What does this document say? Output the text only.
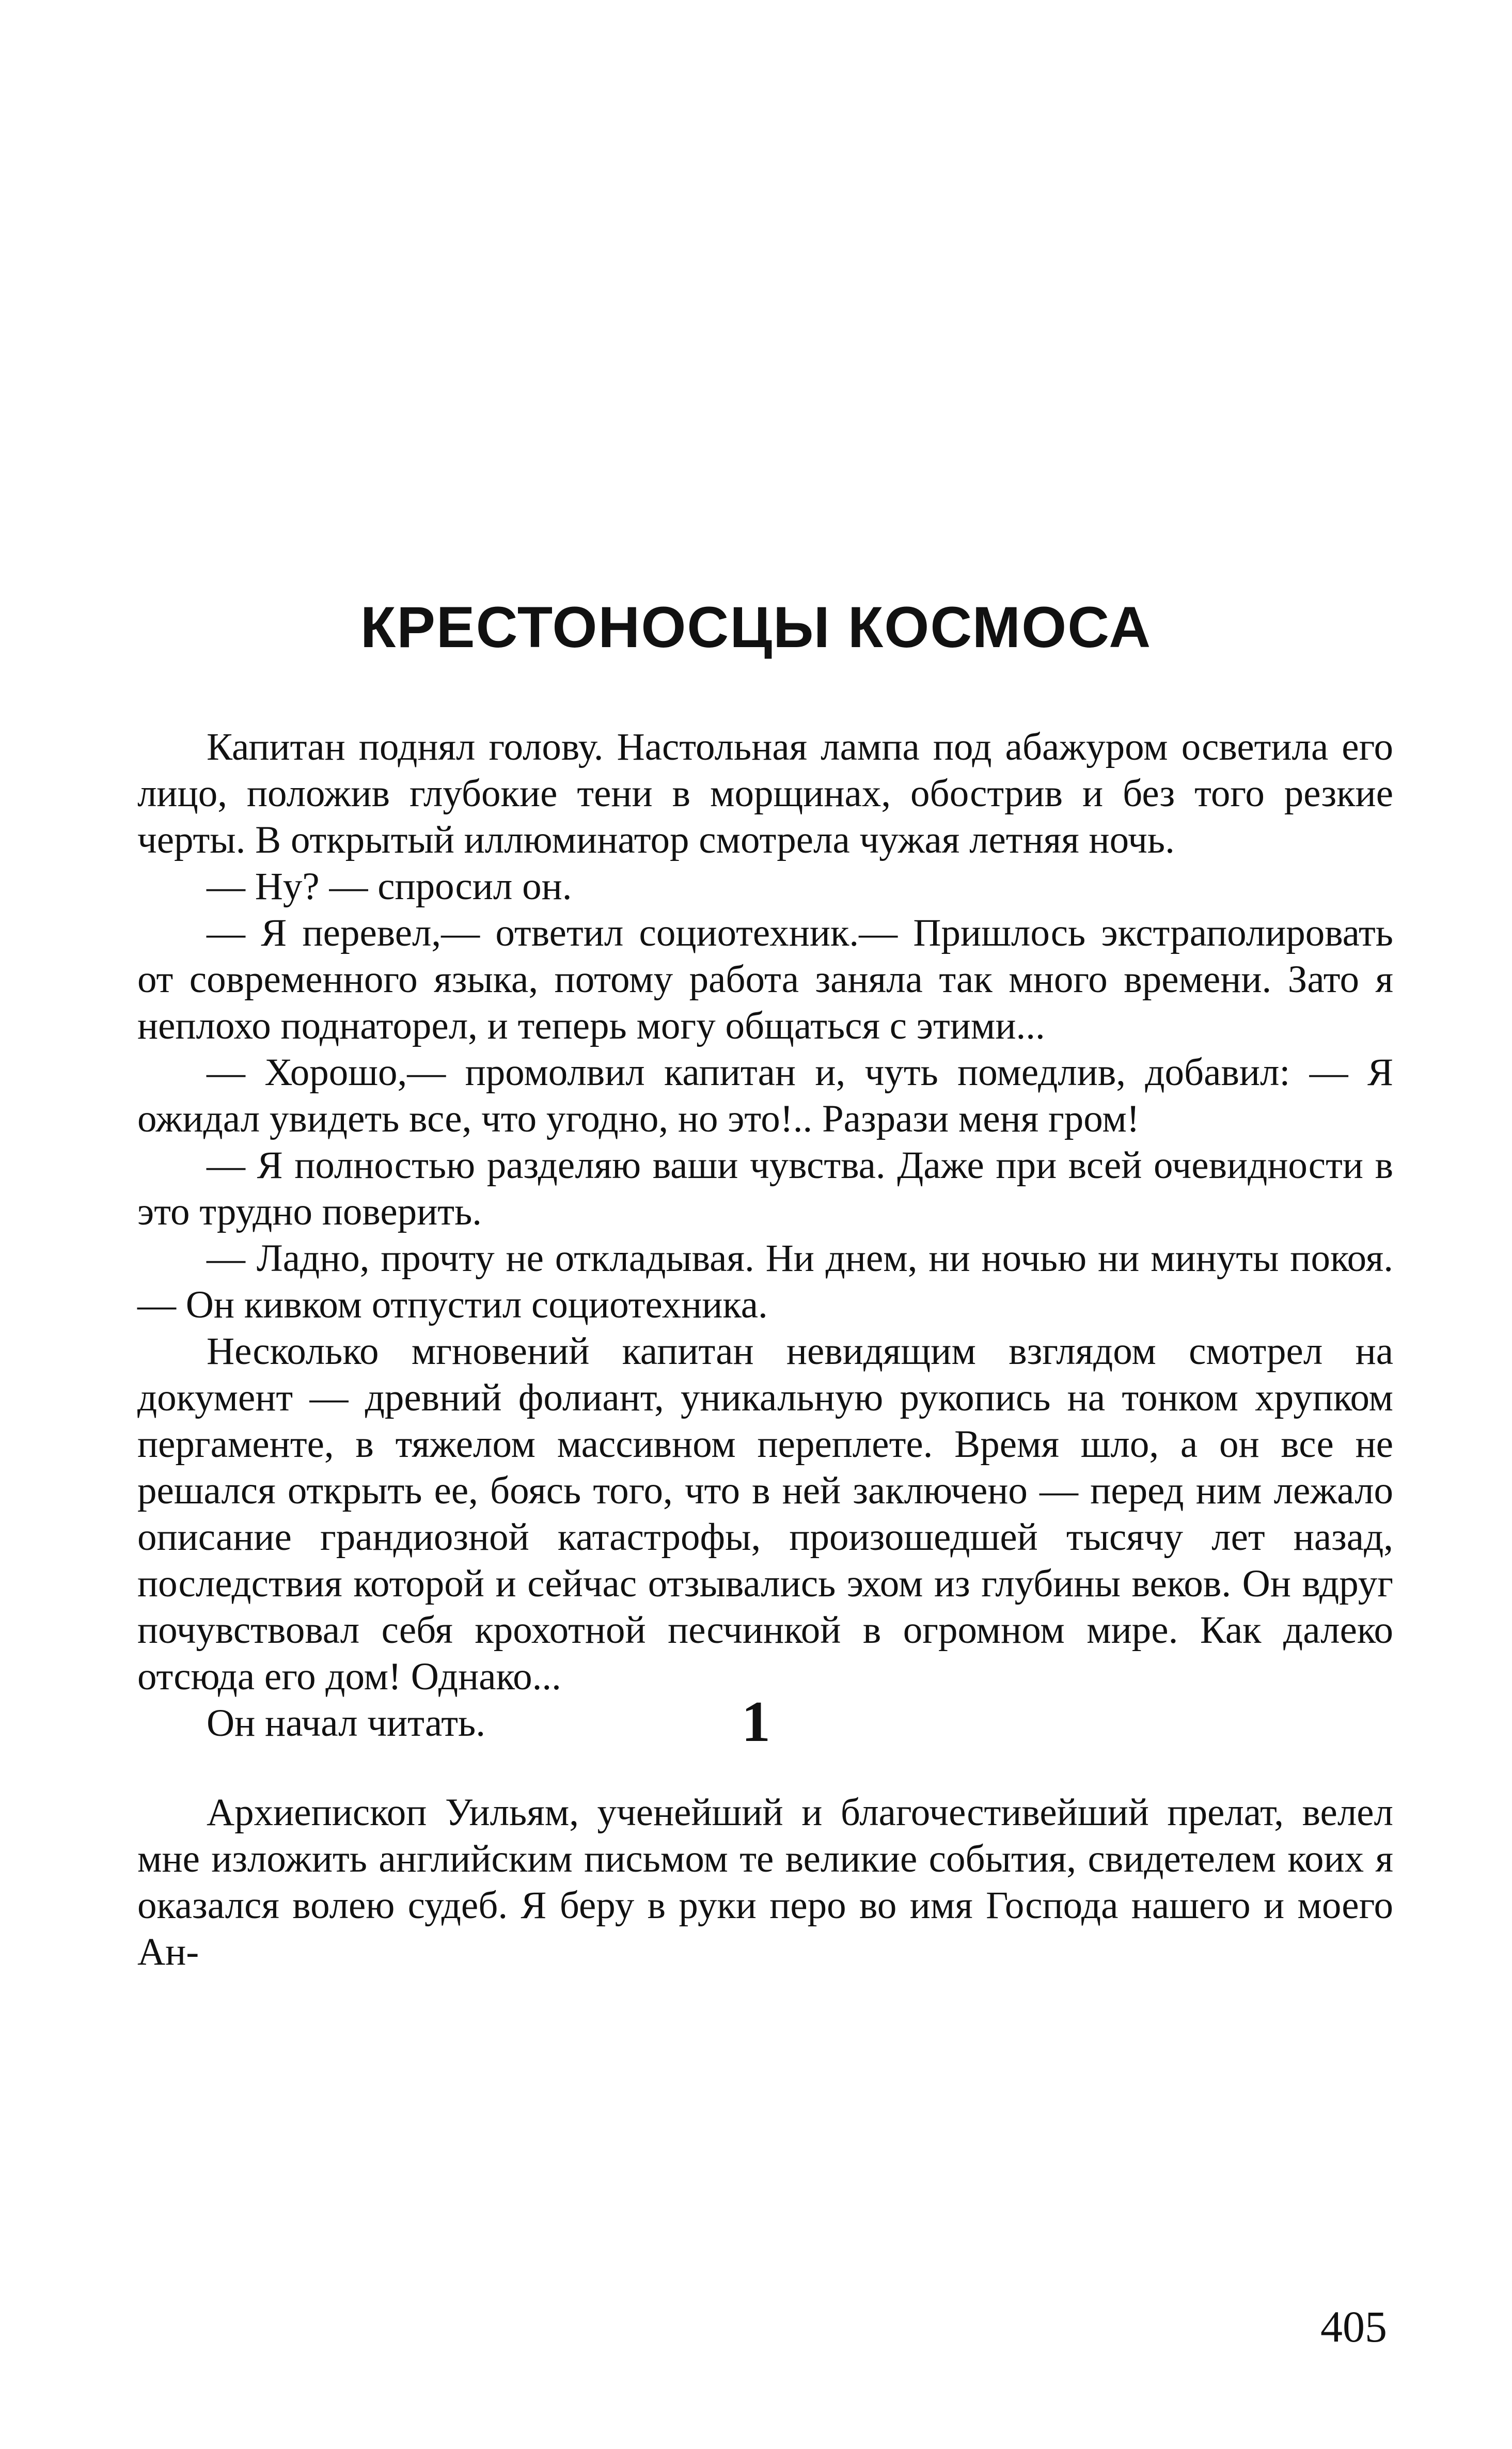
КРЕСТОНОСЦЫ КОСМОСА

Капитан поднял голову. Настольная лампа под абажуром осветила его лицо, положив глубокие тени в морщинах, обострив и без того резкие черты. В открытый иллюминатор смотрела чужая летняя ночь.

— Ну? — спросил он.

— Я перевел,— ответил социотехник.— Пришлось экстраполировать от современного языка, потому работа заняла так много времени. Зато я неплохо поднаторел, и теперь могу общаться с этими...

— Хорошо,— промолвил капитан и, чуть помедлив, добавил: — Я ожидал увидеть все, что угодно, но это!.. Разрази меня гром!

— Я полностью разделяю ваши чувства. Даже при всей очевидности в это трудно поверить.

— Ладно, прочту не откладывая. Ни днем, ни ночью ни минуты покоя.— Он кивком отпустил социотехника.

Несколько мгновений капитан невидящим взглядом смотрел на документ — древний фолиант, уникальную рукопись на тонком хрупком пергаменте, в тяжелом массивном переплете. Время шло, а он все не решался открыть ее, боясь того, что в ней заключено — перед ним лежало описание грандиозной катастрофы, произошедшей тысячу лет назад, последствия которой и сейчас отзывались эхом из глубины веков. Он вдруг почувствовал себя крохотной песчинкой в огромном мире. Как далеко отсюда его дом! Однако...

Он начал читать.	1

Архиепископ Уильям, ученейший и благочестивейший прелат, велел мне изложить английским письмом те великие события, свидетелем коих я оказался волею судеб. Я беру в руки перо во имя Господа нашего и моего Ан-

405
